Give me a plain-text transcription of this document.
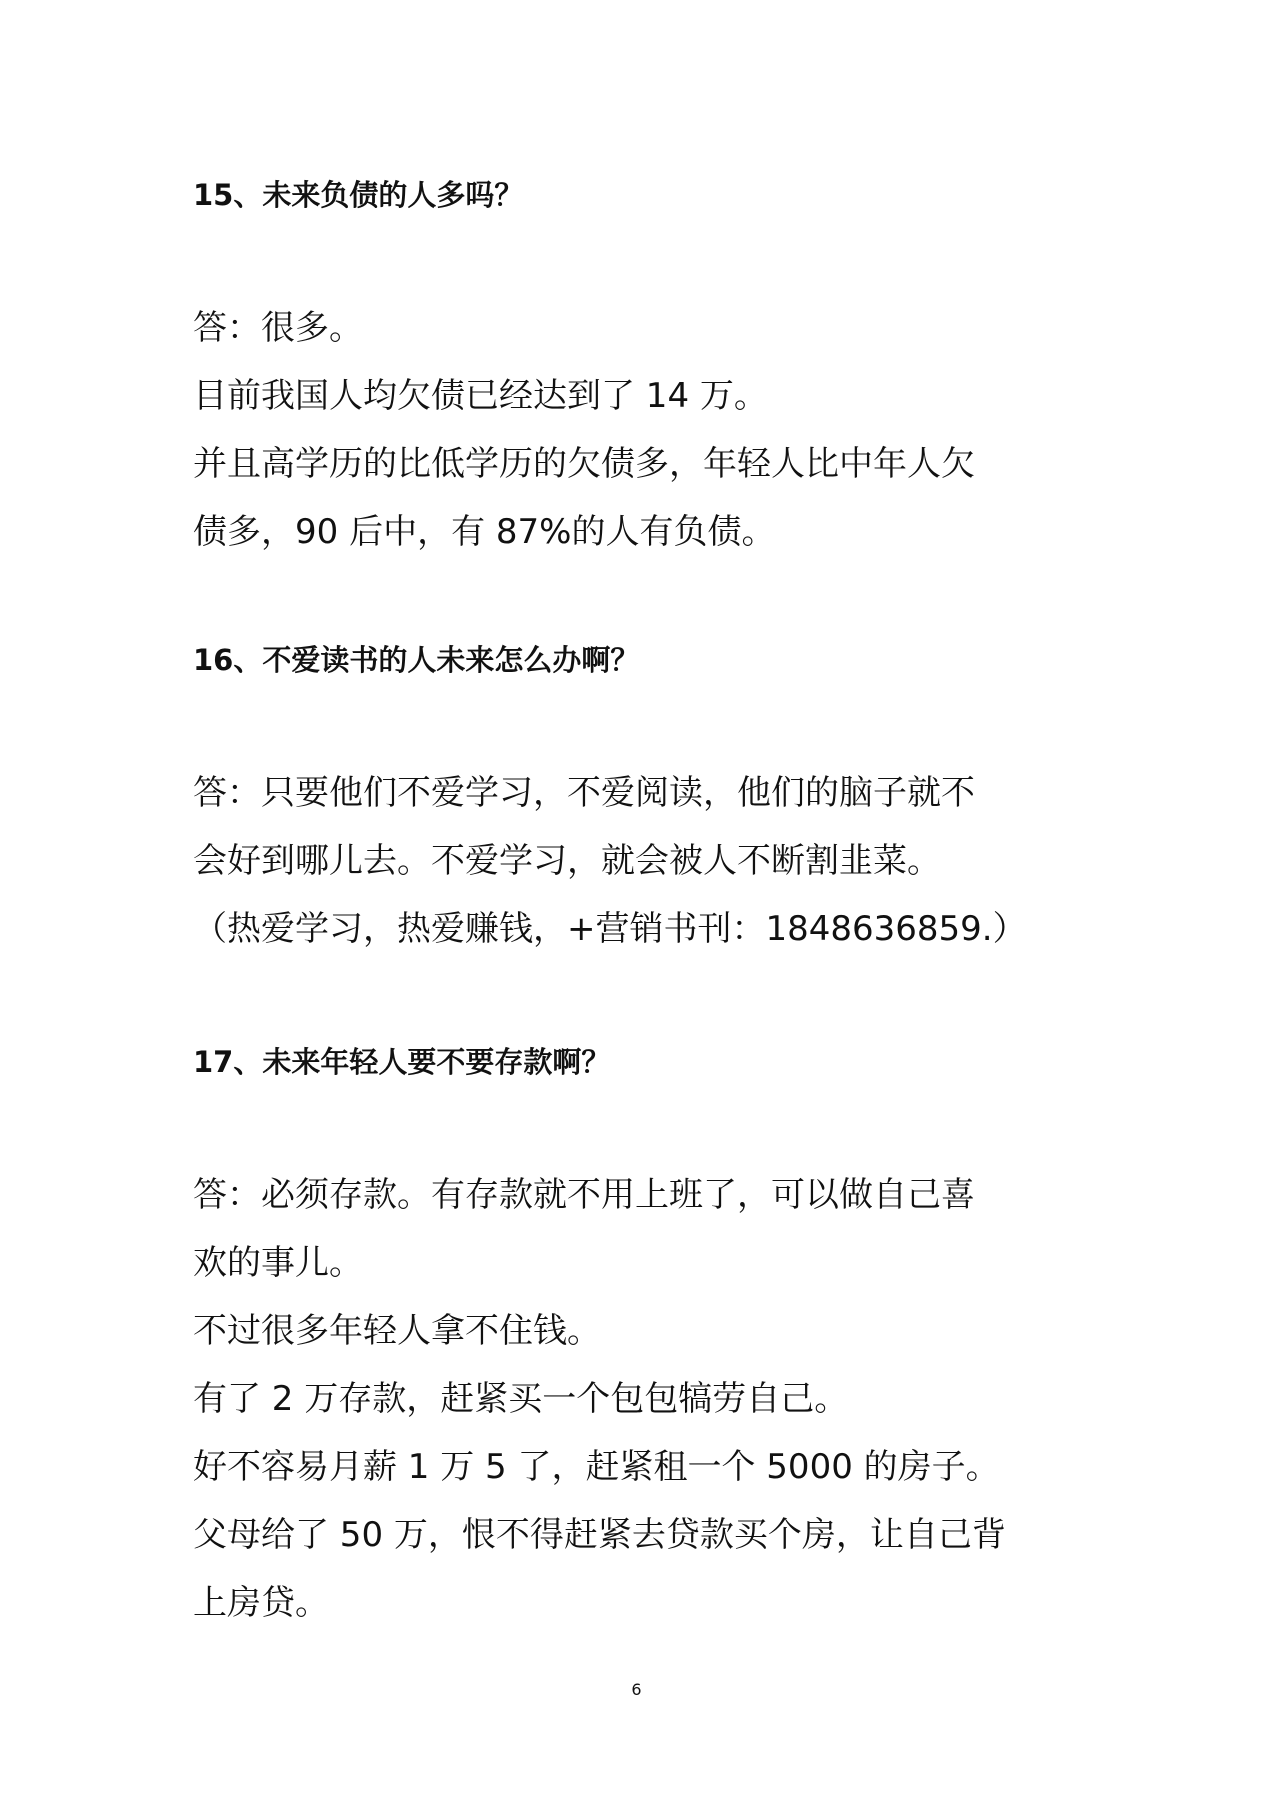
15、未来负债的人多吗？
答：很多。
目前我国人均欠债已经达到了 14 万。
并且高学历的比低学历的欠债多，年轻人比中年人欠
债多，90 后中，有 87%的人有负债。
16、不爱读书的人未来怎么办啊？
答：只要他们不爱学习，不爱阅读，他们的脑子就不
会好到哪儿去。不爱学习，就会被人不断割韭菜。
（热爱学习，热爱赚钱，+营销书刊：1848636859.）
17、未来年轻人要不要存款啊？
答：必须存款。有存款就不用上班了，可以做自己喜
欢的事儿。
不过很多年轻人拿不住钱。
有了 2 万存款，赶紧买一个包包犒劳自己。
好不容易月薪 1 万 5 了，赶紧租一个 5000 的房子。
父母给了 50 万，恨不得赶紧去贷款买个房，让自己背
上房贷。
6
